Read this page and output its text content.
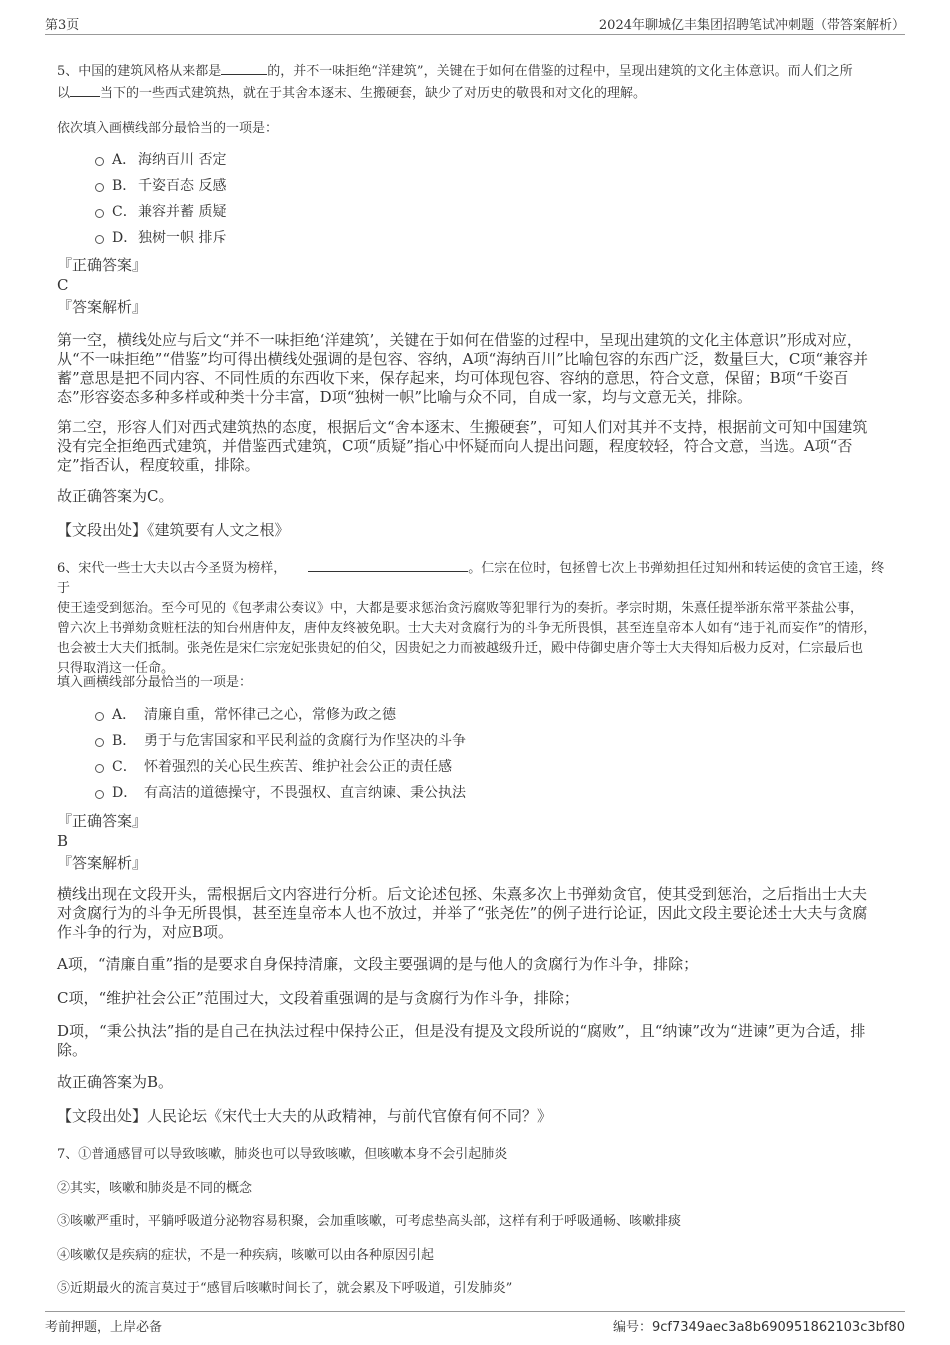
第3页	2024年聊城亿丰集团招聘笔试冲刺题（带答案解析）
5、中国的建筑风格从来都是	的，并不一味拒绝“洋建筑”，关键在于如何在借鉴的过程中，呈现出建筑的文化主体意识。而人们之所
以 当下的一些西式建筑热，就在于其舍本逐末、生搬硬套，缺少了对历史的敬畏和对文化的理解。
依次填入画横线部分最恰当的一项是：
A． 海纳百川 否定
B． 千姿百态 反感
C． 兼容并蓄 质疑
D． 独树一帜 排斥
『正确答案』
C
『答案解析』
第一空，横线处应与后文“并不一味拒绝‘洋建筑’，关键在于如何在借鉴的过程中，呈现出建筑的文化主体意识”形成对应，
从“不一味拒绝”“借鉴”均可得出横线处强调的是包容、容纳，A项“海纳百川”比喻包容的东西广泛，数量巨大，C项“兼容并
蓄”意思是把不同内容、不同性质的东西收下来，保存起来，均可体现包容、容纳的意思，符合文意，保留；B项“千姿百
态”形容姿态多种多样或种类十分丰富，D项“独树一帜”比喻与众不同，自成一家，均与文意无关，排除。
第二空，形容人们对西式建筑热的态度，根据后文“舍本逐末、生搬硬套”，可知人们对其并不支持，根据前文可知中国建筑
没有完全拒绝西式建筑，并借鉴西式建筑，C项“质疑”指心中怀疑而向人提出问题，程度较轻，符合文意，当选。A项“否
定”指否认，程度较重，排除。
故正确答案为C。
【文段出处】《建筑要有人文之根》
6、宋代一些士大夫以古今圣贤为榜样，	。仁宗在位时，包拯曾七次上书弹劾担任过知州和转运使的贪官王逵，终于
使王逵受到惩治。至今可见的《包孝肃公奏议》中，大都是要求惩治贪污腐败等犯罪行为的奏折。孝宗时期，朱熹任提举浙东常平茶盐公事，
曾六次上书弹劾贪赃枉法的知台州唐仲友，唐仲友终被免职。士大夫对贪腐行为的斗争无所畏惧，甚至连皇帝本人如有“违于礼而妄作”的情形，
也会被士大夫们抵制。张尧佐是宋仁宗宠妃张贵妃的伯父，因贵妃之力而被越级升迁，殿中侍御史唐介等士大夫得知后极力反对，仁宗最后也
只得取消这一任命。
填入画横线部分最恰当的一项是：
A． 清廉自重，常怀律己之心，常修为政之德
B． 勇于与危害国家和平民利益的贪腐行为作坚决的斗争
C． 怀着强烈的关心民生疾苦、维护社会公正的责任感
D． 有高洁的道德操守，不畏强权、直言纳谏、秉公执法
『正确答案』
B
『答案解析』
横线出现在文段开头，需根据后文内容进行分析。后文论述包拯、朱熹多次上书弹劾贪官，使其受到惩治，之后指出士大夫
对贪腐行为的斗争无所畏惧，甚至连皇帝本人也不放过，并举了“张尧佐”的例子进行论证，因此文段主要论述士大夫与贪腐
作斗争的行为，对应B项。
A项，“清廉自重”指的是要求自身保持清廉，文段主要强调的是与他人的贪腐行为作斗争，排除；
C项，“维护社会公正”范围过大，文段着重强调的是与贪腐行为作斗争，排除；
D项，“秉公执法”指的是自己在执法过程中保持公正，但是没有提及文段所说的“腐败”，且“纳谏”改为“进谏”更为合适，排
除。
故正确答案为B。
【文段出处】人民论坛《宋代士大夫的从政精神，与前代官僚有何不同？》
7、①普通感冒可以导致咳嗽，肺炎也可以导致咳嗽，但咳嗽本身不会引起肺炎
②其实，咳嗽和肺炎是不同的概念
③咳嗽严重时，平躺呼吸道分泌物容易积聚，会加重咳嗽，可考虑垫高头部，这样有利于呼吸通畅、咳嗽排痰
④咳嗽仅是疾病的症状，不是一种疾病，咳嗽可以由各种原因引起
⑤近期最火的流言莫过于“感冒后咳嗽时间长了，就会累及下呼吸道，引发肺炎”
考前押题，上岸必备	编号：9cf7349aec3a8b690951862103c3bf80
